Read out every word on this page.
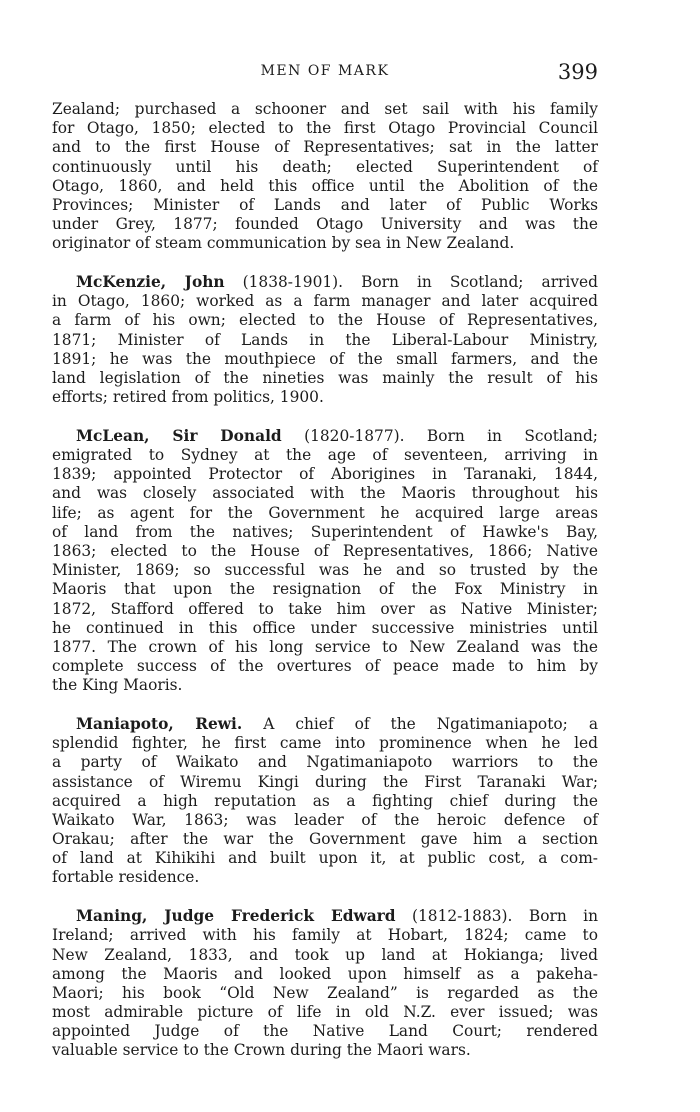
MEN OF MARK	399
Zealand; purchased a schooner and set sail with his family
for Otago, 1850; elected to the first Otago Provincial Council
and to the first House of Representatives; sat in the latter
continuously until his death; elected Superintendent of
Otago, 1860, and held this office until the Abolition of the
Provinces; Minister of Lands and later of Public Works
under Grey, 1877; founded Otago University and was the
originator of steam communication by sea in New Zealand.
McKenzie, John (1838-1901). Born in Scotland; arrived
in Otago, 1860; worked as a farm manager and later acquired
a farm of his own; elected to the House of Representatives,
1871; Minister of Lands in the Liberal-Labour Ministry,
1891; he was the mouthpiece of the small farmers, and the
land legislation of the nineties was mainly the result of his
efforts; retired from politics, 1900.
McLean, Sir Donald (1820-1877). Born in Scotland;
emigrated to Sydney at the age of seventeen, arriving in
1839; appointed Protector of Aborigines in Taranaki, 1844,
and was closely associated with the Maoris throughout his
life; as agent for the Government he acquired large areas
of land from the natives; Superintendent of Hawke's Bay,
1863; elected to the House of Representatives, 1866; Native
Minister, 1869; so successful was he and so trusted by the
Maoris that upon the resignation of the Fox Ministry in
1872, Stafford offered to take him over as Native Minister;
he continued in this office under successive ministries until
1877. The crown of his long service to New Zealand was the
complete success of the overtures of peace made to him by
the King Maoris.
Maniapoto, Rewi. A chief of the Ngatimaniapoto; a
splendid fighter, he first came into prominence when he led
a party of Waikato and Ngatimaniapoto warriors to the
assistance of Wiremu Kingi during the First Taranaki War;
acquired a high reputation as a fighting chief during the
Waikato War, 1863; was leader of the heroic defence of
Orakau; after the war the Government gave him a section
of land at Kihikihi and built upon it, at public cost, a com-
fortable residence.
Maning, Judge Frederick Edward (1812-1883). Born in
Ireland; arrived with his family at Hobart, 1824; came to
New Zealand, 1833, and took up land at Hokianga; lived
among the Maoris and looked upon himself as a pakeha-
Maori; his book “Old New Zealand” is regarded as the
most admirable picture of life in old N.Z. ever issued; was
appointed Judge of the Native Land Court; rendered
valuable service to the Crown during the Maori wars.
